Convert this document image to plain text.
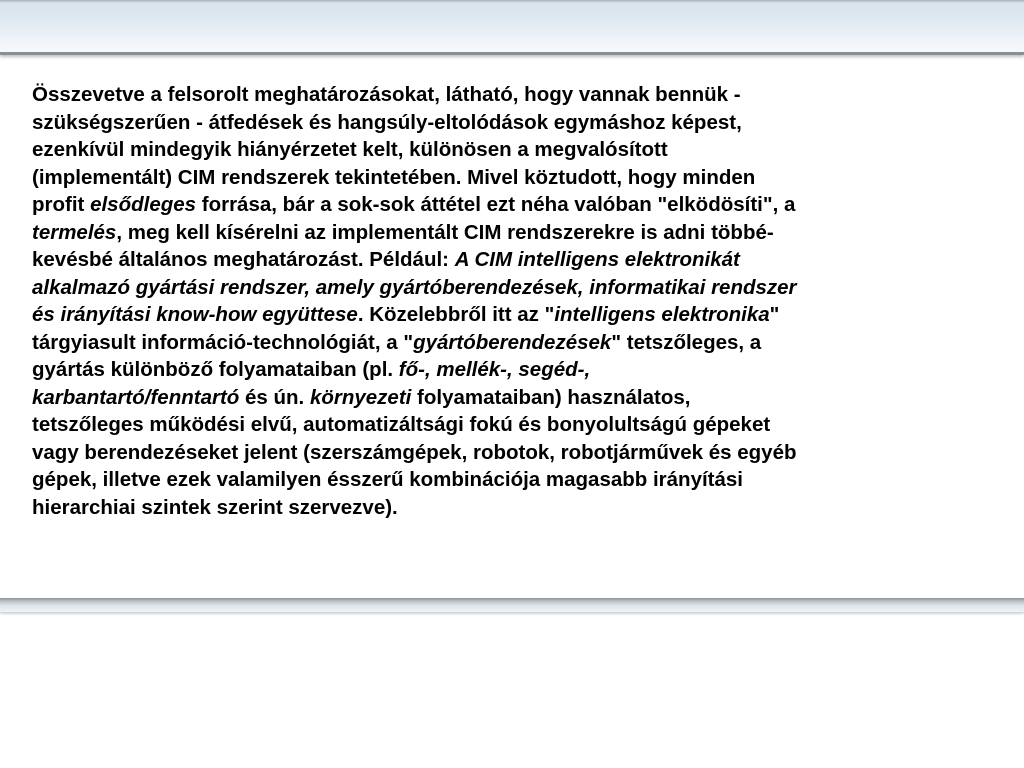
Összevetve a felsorolt meghatározásokat, látható, hogy vannak bennük -

szükségszerűen - átfedések és hangsúly-eltolódások egymáshoz képest,

ezenkívül mindegyik hiányérzetet kelt, különösen a megvalósított

(implementált) CIM rendszerek tekintetében. Mivel köztudott, hogy minden

profit elsődleges forrása, bár a sok-sok áttétel ezt néha valóban "elködösíti", a

termelés, meg kell kísérelni az implementált CIM rendszerekre is adni többé-

kevésbé általános meghatározást. Például: A CIM intelligens elektronikát

alkalmazó gyártási rendszer, amely gyártóberendezések, informatikai rendszer

és irányítási know-how együttese. Közelebbről itt az "intelligens elektronika"

tárgyiasult információ-technológiát, a "gyártóberendezések" tetszőleges, a

gyártás különböző folyamataiban (pl. fő-, mellék-, segéd-,

karbantartó/fenntartó és ún. környezeti folyamataiban) használatos,

tetszőleges működési elvű, automatizáltsági fokú és bonyolultságú gépeket

vagy berendezéseket jelent (szerszámgépek, robotok, robotjárművek és egyéb

gépek, illetve ezek valamilyen ésszerű kombinációja magasabb irányítási

hierarchiai szintek szerint szervezve).
